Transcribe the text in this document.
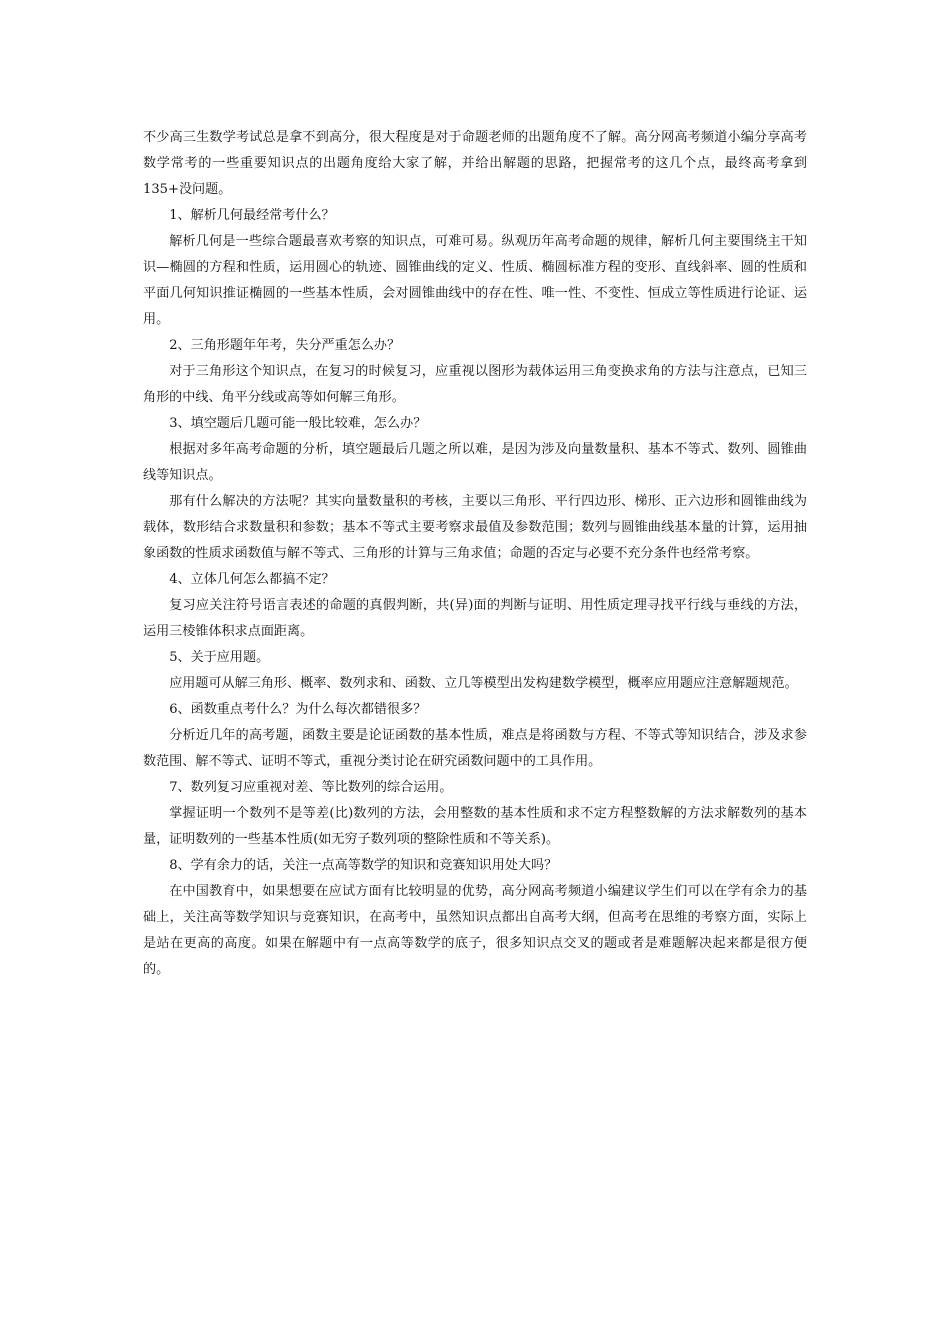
不少高三生数学考试总是拿不到高分，很大程度是对于命题老师的出题角度不了解。高分网高考频道小编分享高考数学常考的一些重要知识点的出题角度给大家了解，并给出解题的思路，把握常考的这几个点，最终高考拿到135+没问题。

1、解析几何最经常考什么？

解析几何是一些综合题最喜欢考察的知识点，可难可易。纵观历年高考命题的规律，解析几何主要围绕主干知识—椭圆的方程和性质，运用圆心的轨迹、圆锥曲线的定义、性质、椭圆标准方程的变形、直线斜率、圆的性质和平面几何知识推证椭圆的一些基本性质，会对圆锥曲线中的存在性、唯一性、不变性、恒成立等性质进行论证、运用。

2、三角形题年年考，失分严重怎么办？

对于三角形这个知识点，在复习的时候复习，应重视以图形为载体运用三角变换求角的方法与注意点，已知三角形的中线、角平分线或高等如何解三角形。

3、填空题后几题可能一般比较难，怎么办？

根据对多年高考命题的分析，填空题最后几题之所以难，是因为涉及向量数量积、基本不等式、数列、圆锥曲线等知识点。

那有什么解决的方法呢？其实向量数量积的考核，主要以三角形、平行四边形、梯形、正六边形和圆锥曲线为载体，数形结合求数量积和参数；基本不等式主要考察求最值及参数范围；数列与圆锥曲线基本量的计算，运用抽象函数的性质求函数值与解不等式、三角形的计算与三角求值；命题的否定与必要不充分条件也经常考察。

4、立体几何怎么都搞不定？

复习应关注符号语言表述的命题的真假判断，共(异)面的判断与证明、用性质定理寻找平行线与垂线的方法，运用三棱锥体积求点面距离。

5、关于应用题。

应用题可从解三角形、概率、数列求和、函数、立几等模型出发构建数学模型，概率应用题应注意解题规范。

6、函数重点考什么？为什么每次都错很多？

分析近几年的高考题，函数主要是论证函数的基本性质，难点是将函数与方程、不等式等知识结合，涉及求参数范围、解不等式、证明不等式，重视分类讨论在研究函数问题中的工具作用。

7、数列复习应重视对差、等比数列的综合运用。

掌握证明一个数列不是等差(比)数列的方法，会用整数的基本性质和求不定方程整数解的方法求解数列的基本量，证明数列的一些基本性质(如无穷子数列项的整除性质和不等关系)。

8、学有余力的话，关注一点高等数学的知识和竞赛知识用处大吗？

在中国教育中，如果想要在应试方面有比较明显的优势，高分网高考频道小编建议学生们可以在学有余力的基础上，关注高等数学知识与竞赛知识，在高考中，虽然知识点都出自高考大纲，但高考在思维的考察方面，实际上是站在更高的高度。如果在解题中有一点高等数学的底子，很多知识点交叉的题或者是难题解决起来都是很方便的。
